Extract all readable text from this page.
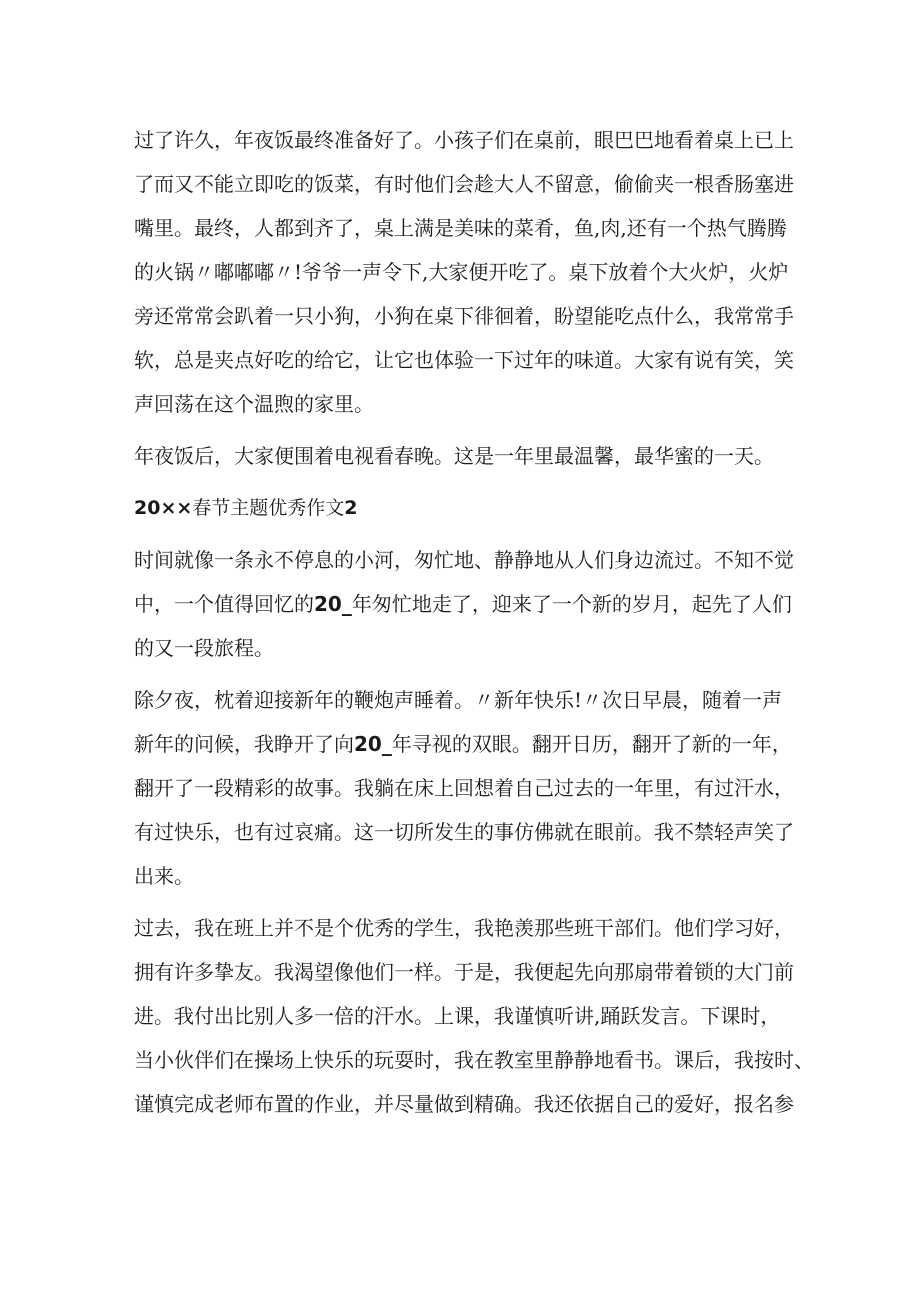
过了许久，年夜饭最终准备好了。小孩子们在桌前，眼巴巴地看着桌上已上
了而又不能立即吃的饭菜，有时他们会趁大人不留意，偷偷夹一根香肠塞进
嘴里。最终，人都到齐了，桌上满是美味的菜肴，鱼,肉,还有一个热气腾腾
的火锅〃嘟嘟嘟〃!爷爷一声令下,大家便开吃了。桌下放着个大火炉，火炉
旁还常常会趴着一只小狗，小狗在桌下徘徊着，盼望能吃点什么，我常常手
软，总是夹点好吃的给它，让它也体验一下过年的味道。大家有说有笑，笑
声回荡在这个温煦的家里。
年夜饭后，大家便围着电视看春晚。这是一年里最温馨，最华蜜的一天。
20××春节主题优秀作文2
时间就像一条永不停息的小河，匆忙地、静静地从人们身边流过。不知不觉
中，一个值得回忆的20_年匆忙地走了，迎来了一个新的岁月，起先了人们
的又一段旅程。
除夕夜，枕着迎接新年的鞭炮声睡着。〃新年快乐!〃次日早晨，随着一声
新年的问候，我睁开了向20_年寻视的双眼。翻开日历，翻开了新的一年，
翻开了一段精彩的故事。我躺在床上回想着自己过去的一年里，有过汗水，
有过快乐，也有过哀痛。这一切所发生的事仿佛就在眼前。我不禁轻声笑了
出来。
过去，我在班上并不是个优秀的学生，我艳羡那些班干部们。他们学习好，
拥有许多挚友。我渴望像他们一样。于是，我便起先向那扇带着锁的大门前
进。我付出比别人多一倍的汗水。上课，我谨慎听讲,踊跃发言。下课时，
当小伙伴们在操场上快乐的玩耍时，我在教室里静静地看书。课后，我按时、
谨慎完成老师布置的作业，并尽量做到精确。我还依据自己的爱好，报名参
